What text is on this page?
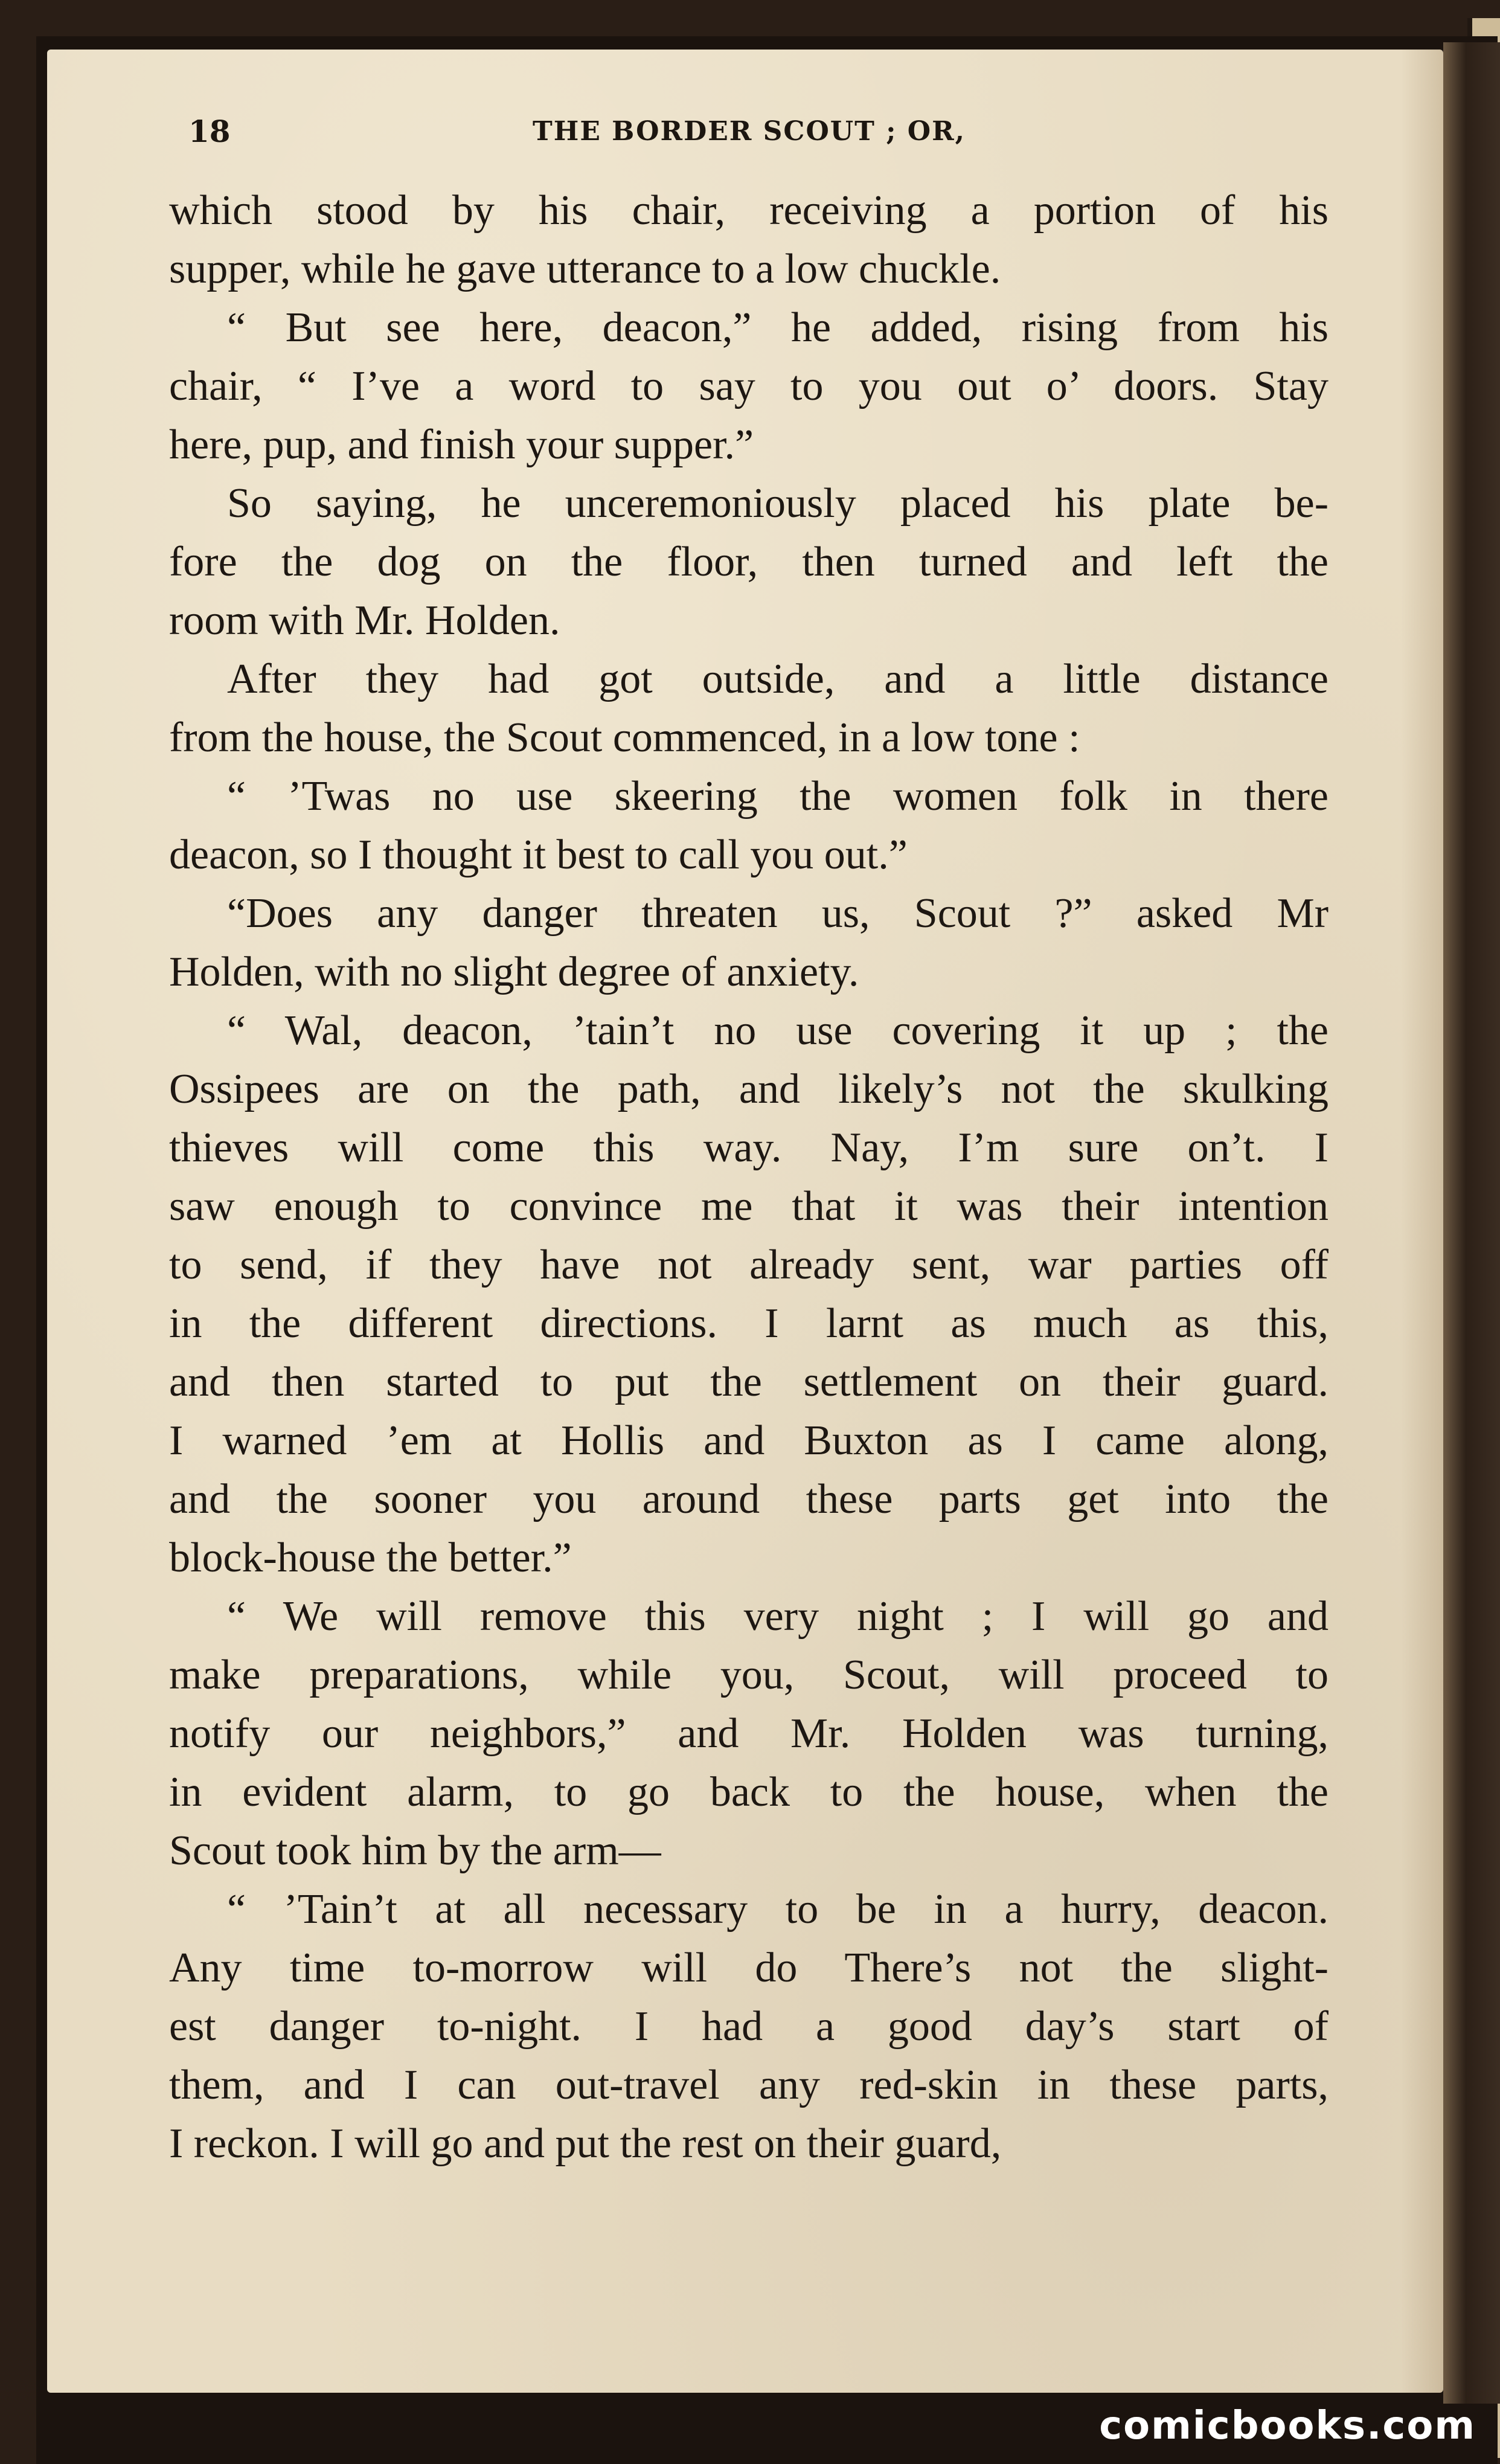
18	THE BORDER SCOUT ; OR,

which stood by his chair, receiving a portion of his

supper, while he gave utterance to a low chuckle.

“ But see here, deacon,” he added, rising from his

chair, “ I’ve a word to say to you out o’ doors. Stay

here, pup, and finish your supper.”

So saying, he unceremoniously placed his plate be-

fore the dog on the floor, then turned and left the

room with Mr. Holden.

After they had got outside, and a little distance

from the house, the Scout commenced, in a low tone :

“ ’Twas no use skeering the women folk in there

deacon, so I thought it best to call you out.”

“Does any danger threaten us, Scout ?” asked Mr

Holden, with no slight degree of anxiety.

“ Wal, deacon, ’tain’t no use covering it up ; the

Ossipees are on the path, and likely’s not the skulking

thieves will come this way. Nay, I’m sure on’t. I

saw enough to convince me that it was their intention

to send, if they have not already sent, war parties off

in the different directions. I larnt as much as this,

and then started to put the settlement on their guard.

I warned ’em at Hollis and Buxton as I came along,

and the sooner you around these parts get into the

block-house the better.”

“ We will remove this very night ; I will go and

make preparations, while you, Scout, will proceed to

notify our neighbors,” and Mr. Holden was turning,

in evident alarm, to go back to the house, when the

Scout took him by the arm—

“ ’Tain’t at all necessary to be in a hurry, deacon.

Any time to-morrow will do There’s not the slight-

est danger to-night. I had a good day’s start of

them, and I can out-travel any red-skin in these parts,

I reckon. I will go and put the rest on their guard,

comicbooks.com
